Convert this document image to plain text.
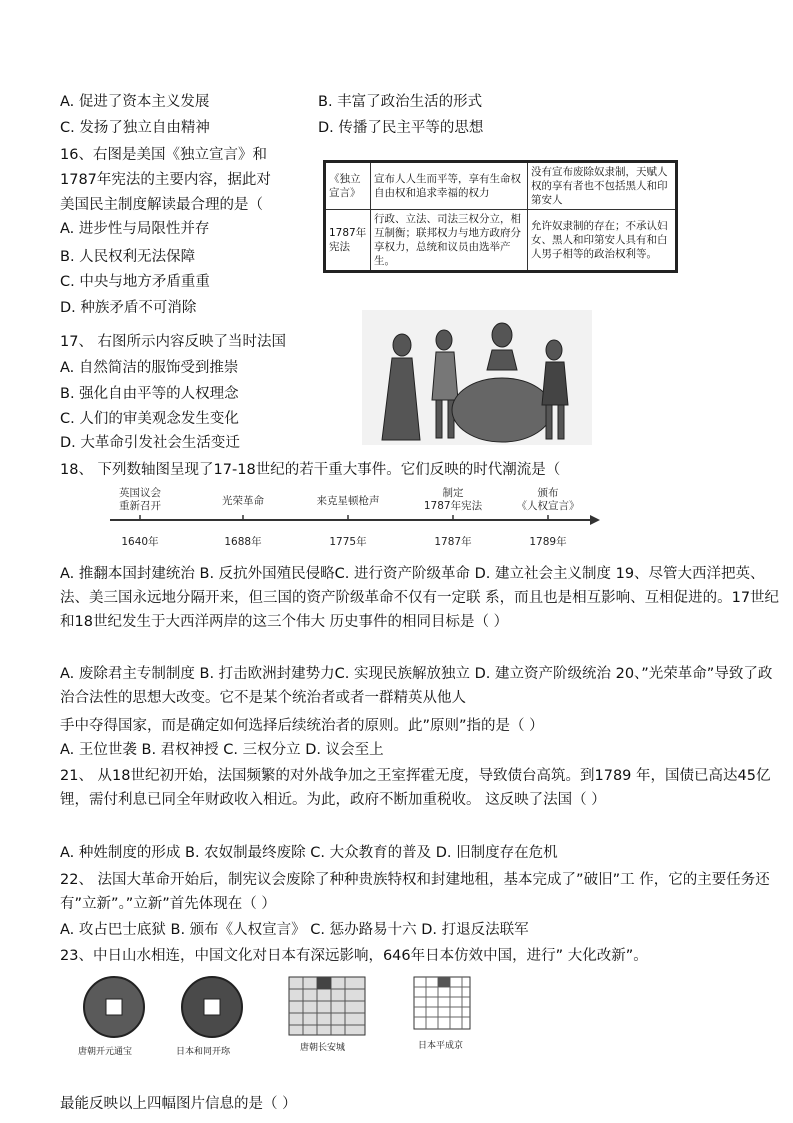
A. 促进了资本主义发展	B. 丰富了政治生活的形式
C. 发扬了独立自由精神	D. 传播了民主平等的思想
16、右图是美国《独立宣言》和
1787年宪法的主要内容，据此对
美国民主制度解读最合理的是（
A. 进步性与局限性并存
B. 人民权利无法保障
C. 中央与地方矛盾重重
D. 种族矛盾不可消除
《独立宣言》	宣布人人生而平等，享有生命权自由权和追求幸福的权力	没有宣布废除奴隶制，天赋人权的享有者也不包括黑人和印第安人
1787年宪法	行政、立法、司法三权分立，相互制衡；联邦权力与地方政府分享权力，总统和议员由选举产生。	允许奴隶制的存在；不承认妇女、黑人和印第安人具有和白人男子相等的政治权利等。
17、 右图所示内容反映了当时法国
A. 自然简洁的服饰受到推崇
B. 强化自由平等的人权理念
C. 人们的审美观念发生变化
D. 大革命引发社会生活变迁
18、 下列数轴图呈现了17-18世纪的若干重大事件。它们反映的时代潮流是（
英国议会
重新召开
1640年
光荣革命
1688年
来克星顿枪声
1775年
制定
1787年宪法
1787年
颁布
《人权宣言》
1789年
A. 推翻本国封建统治 B. 反抗外国殖民侵略C. 进行资产阶级革命 D. 建立社会主义制度 19、尽管大西洋把英、法、美三国永远地分隔开来，但三国的资产阶级革命不仅有一定联 系，而且也是相互影响、互相促进的。17世纪和18世纪发生于大西洋两岸的这三个伟大 历史事件的相同目标是（ ）
A. 废除君主专制制度 B. 打击欧洲封建势力C. 实现民族解放独立 D. 建立资产阶级统治 20、”光荣革命”导致了政治合法性的思想大改变。它不是某个统治者或者一群精英从他人
手中夺得国家，而是确定如何选择后续统治者的原则。此”原则”指的是（ ）
A. 王位世袭 B. 君权神授 C. 三权分立 D. 议会至上
21、 从18世纪初开始，法国频繁的对外战争加之王室挥霍无度，导致债台高筑。到1789 年，国债已高达45亿锂，需付利息已同全年财政收入相近。为此，政府不断加重税收。 这反映了法国（ ）
A. 种姓制度的形成 B. 农奴制最终废除 C. 大众教育的普及 D. 旧制度存在危机
22、 法国大革命开始后，制宪议会废除了种种贵族特权和封建地租，基本完成了”破旧”工 作，它的主要任务还有”立新”。”立新”首先体现在（ ）
A. 攻占巴士底狱 B. 颁布《人权宣言》 C. 惩办路易十六 D. 打退反法联军
23、中日山水相连，中国文化对日本有深远影响，646年日本仿效中国，进行” 大化改新”。
唐朝开元通宝	日本和同开珎	唐朝长安城	日本平成京
最能反映以上四幅图片信息的是（ ）
